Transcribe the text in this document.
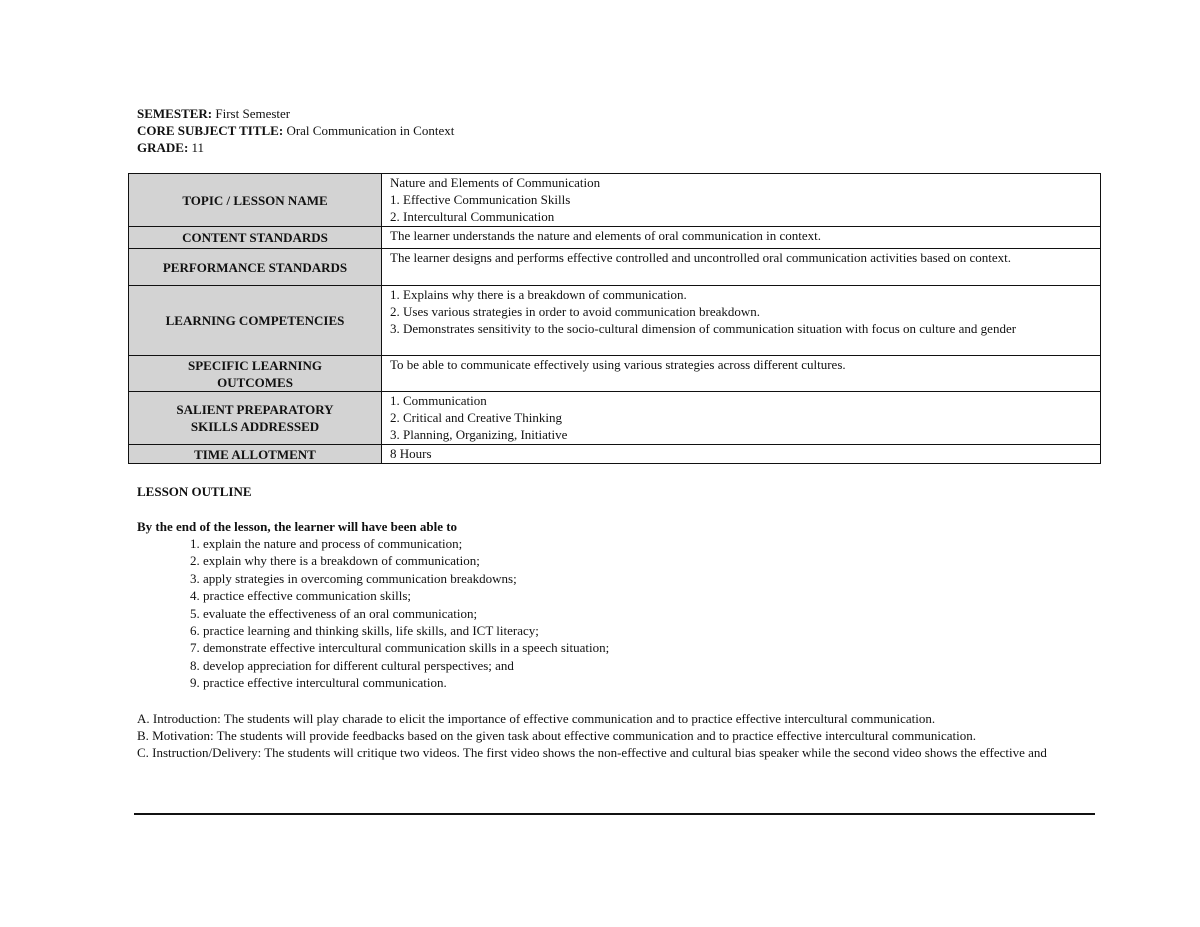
SEMESTER: First Semester
CORE SUBJECT TITLE: Oral Communication in Context
GRADE: 11
TOPIC / LESSON NAME	Nature and Elements of Communication
1. Effective Communication Skills
2. Intercultural Communication

CONTENT STANDARDS	The learner understands the nature and elements of oral communication in context.
PERFORMANCE STANDARDS	The learner designs and performs effective controlled and uncontrolled oral communication activities based on context.
LEARNING COMPETENCIES	1. Explains why there is a breakdown of communication.
2. Uses various strategies in order to avoid communication breakdown.
3. Demonstrates sensitivity to the socio-cultural dimension of communication situation with focus on culture and gender

SPECIFIC LEARNING
OUTCOMES	To be able to communicate effectively using various strategies across different cultures.

SALIENT PREPARATORY
SKILLS ADDRESSED	1. Communication
2. Critical and Creative Thinking
3. Planning, Organizing, Initiative

TIME ALLOTMENT	8 Hours
LESSON OUTLINE
By the end of the lesson, the learner will have been able to
1. explain the nature and process of communication;
2. explain why there is a breakdown of communication;
3. apply strategies in overcoming communication breakdowns;
4. practice effective communication skills;
5. evaluate the effectiveness of an oral communication;
6. practice learning and thinking skills, life skills, and ICT literacy;
7. demonstrate effective intercultural communication skills in a speech situation;
8. develop appreciation for different cultural perspectives; and
9. practice effective intercultural communication.

A. Introduction: The students will play charade to elicit the importance of effective communication and to practice effective intercultural communication.

B. Motivation: The students will provide feedbacks based on the given task about effective communication and to practice effective intercultural communication.

C. Instruction/Delivery: The students will critique two videos. The first video shows the non-effective and cultural bias speaker while the second video shows the effective and
